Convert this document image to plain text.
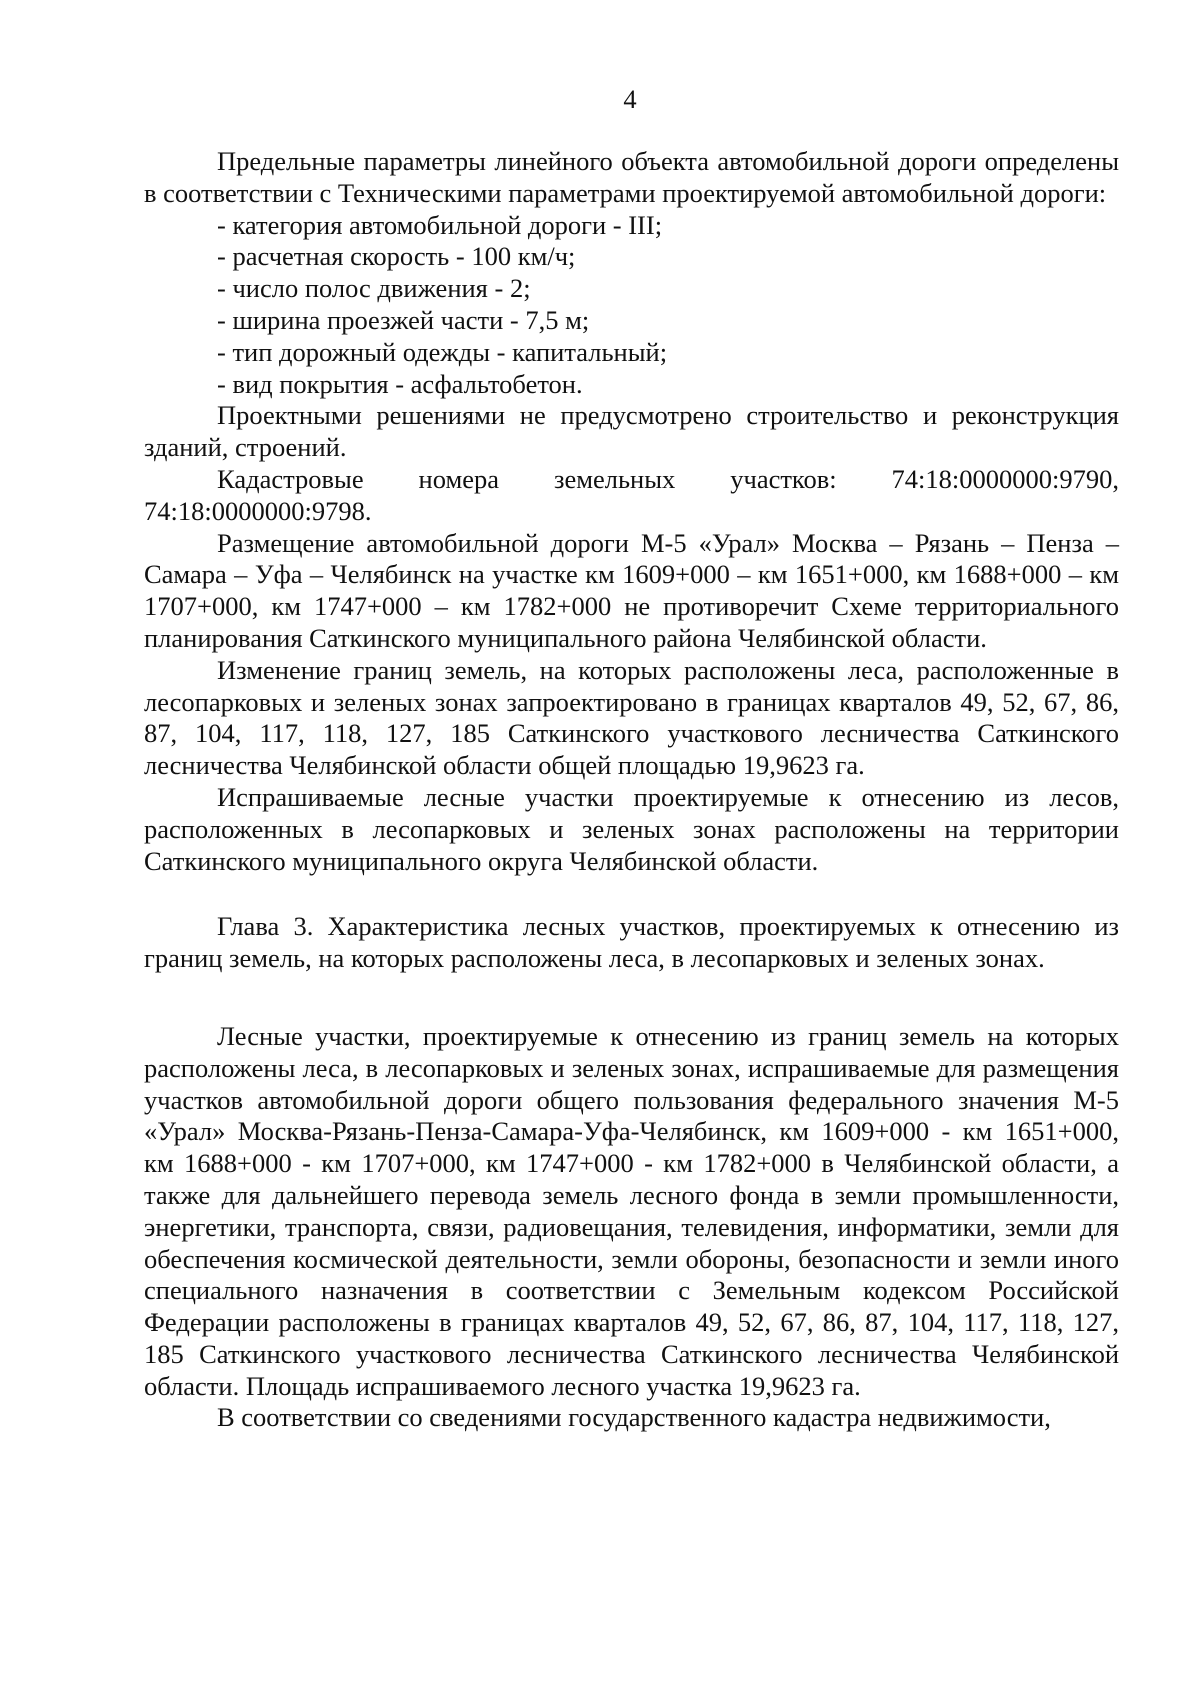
4

Предельные параметры линейного объекта автомобильной дороги определены в соответствии с Техническими параметрами проектируемой автомобильной дороги:

- категория автомобильной дороги - III;

- расчетная скорость - 100 км/ч;

- число полос движения - 2;

- ширина проезжей части - 7,5 м;

- тип дорожный одежды - капитальный;

- вид покрытия - асфальтобетон.

Проектными решениями не предусмотрено строительство и реконструкция зданий, строений.

Кадастровые номера земельных участков: 74:18:0000000:9790, 74:18:0000000:9798.

Размещение автомобильной дороги М-5 «Урал» Москва – Рязань – Пенза – Самара – Уфа – Челябинск на участке км 1609+000 – км 1651+000, км 1688+000 – км 1707+000, км 1747+000 – км 1782+000 не противоречит Схеме территориального планирования Саткинского муниципального района Челябинской области.

Изменение границ земель, на которых расположены леса, расположенные в лесопарковых и зеленых зонах запроектировано в границах кварталов 49, 52, 67, 86, 87, 104, 117, 118, 127, 185 Саткинского участкового лесничества Саткинского лесничества Челябинской области общей площадью 19,9623 га.

Испрашиваемые лесные участки проектируемые к отнесению из лесов, расположенных в лесопарковых и зеленых зонах расположены на территории Саткинского муниципального округа Челябинской области.

Глава 3. Характеристика лесных участков, проектируемых к отнесению из границ земель, на которых расположены леса, в лесопарковых и зеленых зонах.

Лесные участки, проектируемые к отнесению из границ земель на которых расположены леса, в лесопарковых и зеленых зонах, испрашиваемые для размещения участков автомобильной дороги общего пользования федерального значения М-5 «Урал» Москва-Рязань-Пенза-Самара-Уфа-Челябинск, км 1609+000 - км 1651+000, км 1688+000 - км 1707+000, км 1747+000 - км 1782+000 в Челябинской области, а также для дальнейшего перевода земель лесного фонда в земли промышленности, энергетики, транспорта, связи, радиовещания, телевидения, информатики, земли для обеспечения космической деятельности, земли обороны, безопасности и земли иного специального назначения в соответствии с Земельным кодексом Российской Федерации расположены в границах кварталов 49, 52, 67, 86, 87, 104, 117, 118, 127, 185 Саткинского участкового лесничества Саткинского лесничества Челябинской области. Площадь испрашиваемого лесного участка 19,9623 га.

В соответствии со сведениями государственного кадастра недвижимости,
